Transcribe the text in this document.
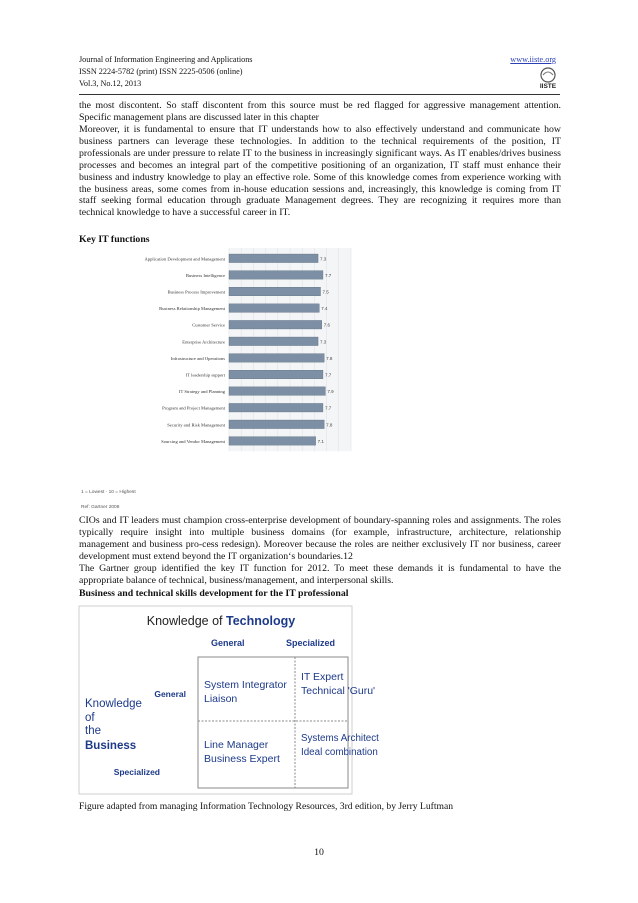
Journal of Information Engineering and Applications
ISSN 2224-5782 (print) ISSN 2225-0506 (online)
Vol.3, No.12, 2013
www.iiste.org
IISTE

the most discontent. So staff discontent from this source must be red flagged for aggressive management attention. Specific management plans are discussed later in this chapter

Moreover, it is fundamental to ensure that IT understands how to also effectively understand and communicate how business partners can leverage these technologies. In addition to the technical requirements of the position, IT professionals are under pressure to relate IT to the business in increasingly significant ways. As IT enables/drives business processes and becomes an integral part of the competitive positioning of an organization, IT staff must enhance their business and industry knowledge to play an effective role. Some of this knowledge comes from experience working with the business areas, some comes from in-house education sessions and, increasingly, this knowledge is coming from IT staff seeking formal education through graduate Management degrees. They are recognizing it requires more than technical knowledge to have a successful career in IT.

Key IT functions
Application Development and Management	7.3
Business Intelligence	7.7
Business Process Improvement	7.5
Business Relationship Management	7.4
Customer Service	7.6
Enterprise Architecture	7.3
Infrastructure and Operations	7.8
IT leadership support	7.7
IT Strategy and Planning	7.9
Program and Project Management	7.7
Security and Risk Management	7.8
Sourcing and Vendor Management	7.1
1 = Lowest · 10 = Highest
Ref: Gartner 2008

CIOs and IT leaders must champion cross-enterprise development of boundary-spanning roles and assignments. The roles typically require insight into multiple business domains (for example, infrastructure, architecture, relationship management and business pro-cess redesign). Moreover because the roles are neither exclusively IT nor business, career development must extend beyond the IT organization‘s boundaries.12

The Gartner group identified the key IT function for 2012. To meet these demands it is fundamental to have the appropriate balance of technical, business/management, and interpersonal skills.

Business and technical skills development for the IT professional
Knowledge of Technology
General	Specialized
General
Specialized
Knowledge
of
the
Business
System Integrator
Liaison
IT Expert
Technical 'Guru'
Line Manager
Business Expert
Systems Architect
Ideal combination
Figure adapted from managing Information Technology Resources, 3rd edition, by Jerry Luftman
10
